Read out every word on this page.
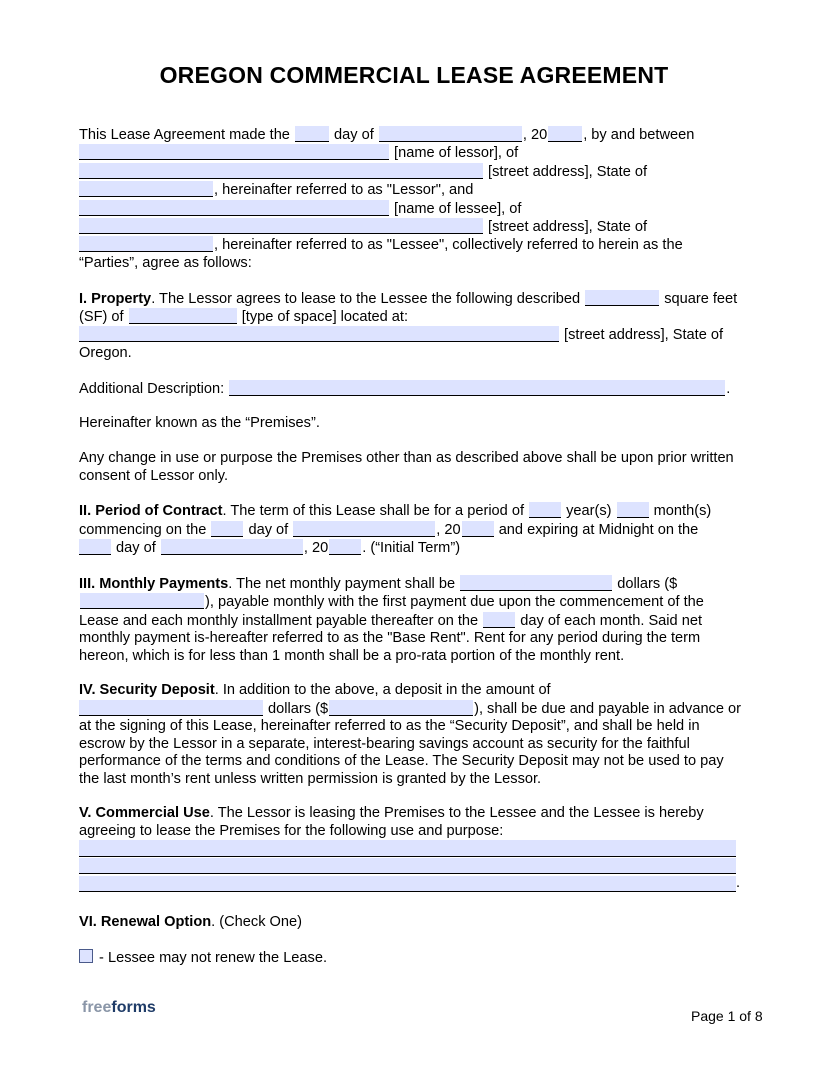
OREGON COMMERCIAL LEASE AGREEMENT
This Lease Agreement made the  day of	, 20 , by and between
[name of lessor], of
[street address], State of
, hereinafter referred to as "Lessor", and
[name of lessee], of
[street address], State of
, hereinafter referred to as "Lessee", collectively referred to herein as the “Parties”, agree as follows:
I. Property. The Lessor agrees to lease to the Lessee the following described	square feet (SF) of	[type of space] located at:
[street address], State of Oregon.
Additional Description:	.
Hereinafter known as the “Premises”.
Any change in use or purpose the Premises other than as described above shall be upon prior written consent of Lessor only.
II. Period of Contract. The term of this Lease shall be for a period of  year(s)  month(s) commencing on the  day of	, 20 and expiring at Midnight on the
day of	, 20 . (“Initial Term”)
III. Monthly Payments. The net monthly payment shall be	dollars ($), payable monthly with the first payment due upon the commencement of the Lease and each monthly installment payable thereafter on the  day of each month. Said net monthly payment is-hereafter referred to as the "Base Rent". Rent for any period during the term hereon, which is for less than 1 month shall be a pro-rata portion of the monthly rent.
IV. Security Deposit. In addition to the above, a deposit in the amount of
dollars ($	), shall be due and payable in advance or at the signing of this Lease, hereinafter referred to as the “Security Deposit”, and shall be held in escrow by the Lessor in a separate, interest-bearing savings account as security for the faithful performance of the terms and conditions of the Lease. The Security Deposit may not be used to pay the last month’s rent unless written permission is granted by the Lessor.
V. Commercial Use. The Lessor is leasing the Premises to the Lessee and the Lessee is hereby agreeing to lease the Premises for the following use and purpose:
.
VI. Renewal Option. (Check One)
- Lessee may not renew the Lease.
freeforms	Page 1 of 8
